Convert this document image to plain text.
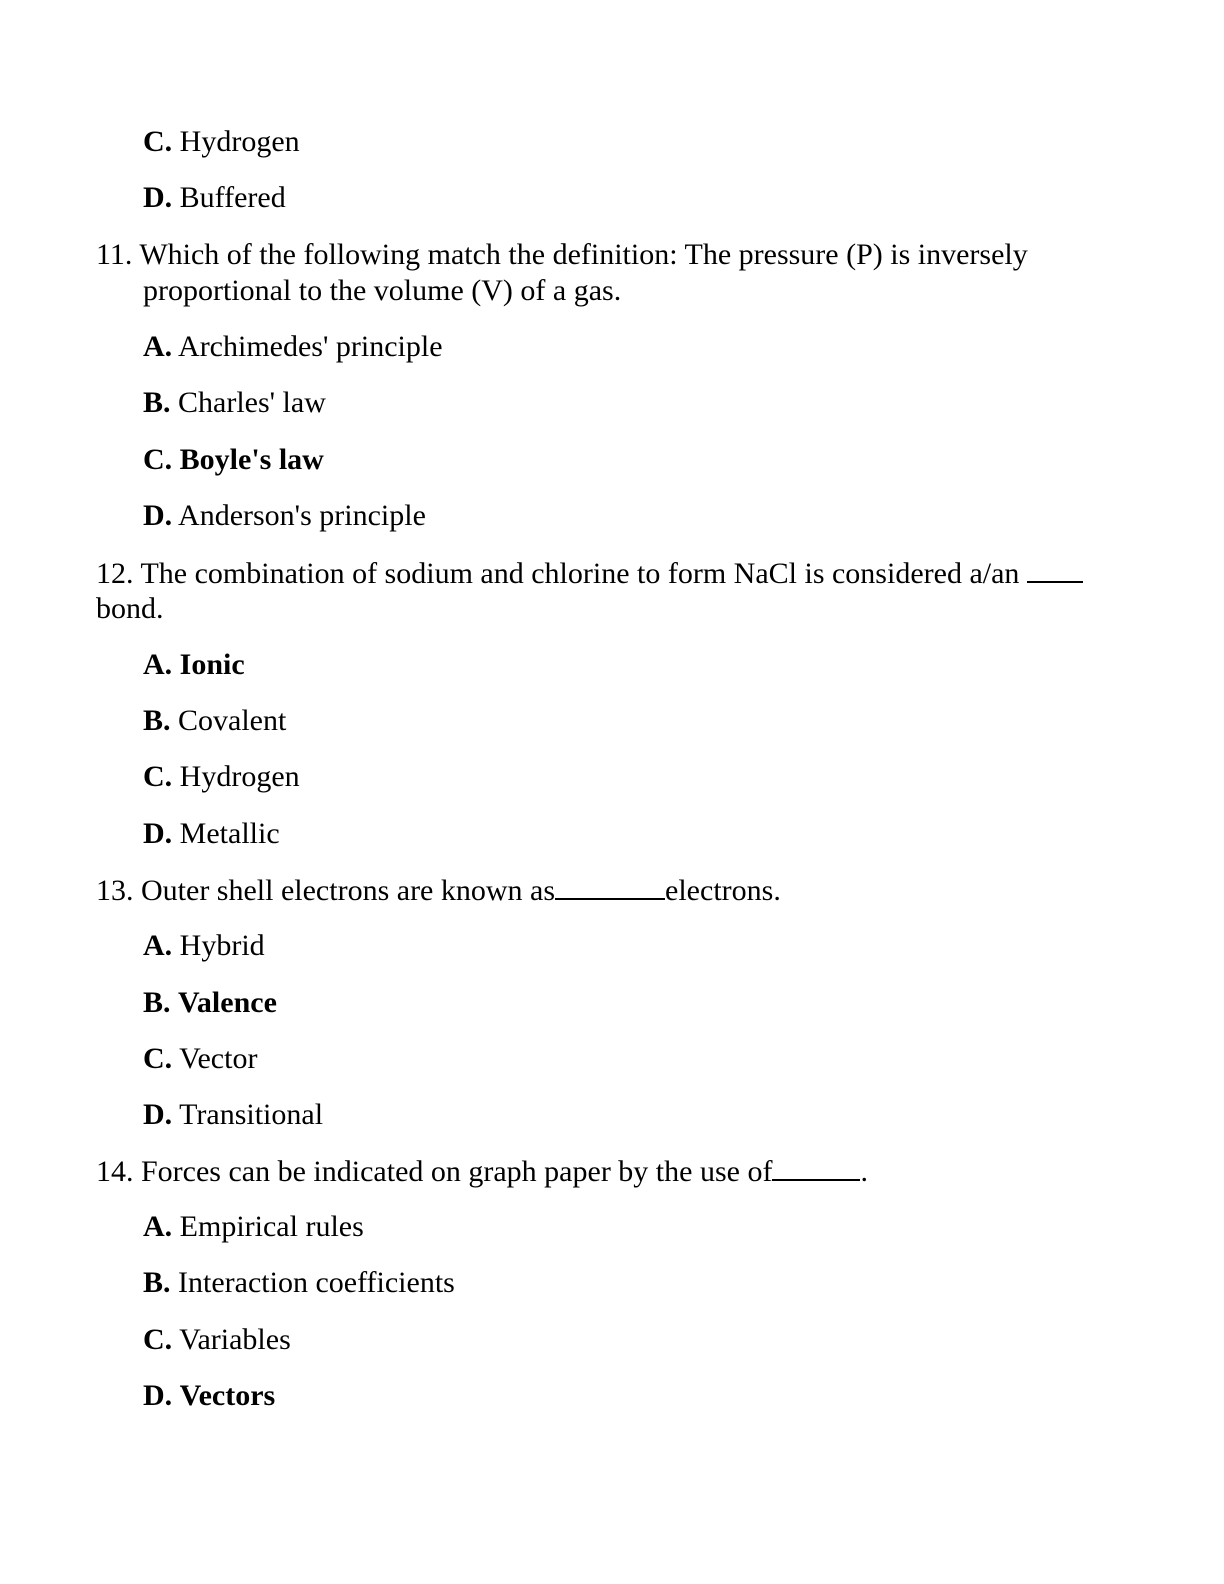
C. Hydrogen
D. Buffered
11. Which of the following match the definition: The pressure (P) is inversely
proportional to the volume (V) of a gas.
A. Archimedes' principle
B. Charles' law
C. Boyle's law
D. Anderson's principle
12. The combination of sodium and chlorine to form NaCl is considered a/an
bond.
A. Ionic
B. Covalent
C. Hydrogen
D. Metallic
13. Outer shell electrons are known as	electrons.
A. Hybrid
B. Valence
C. Vector
D. Transitional
14. Forces can be indicated on graph paper by the use of	.
A. Empirical rules
B. Interaction coefficients
C. Variables
D. Vectors
